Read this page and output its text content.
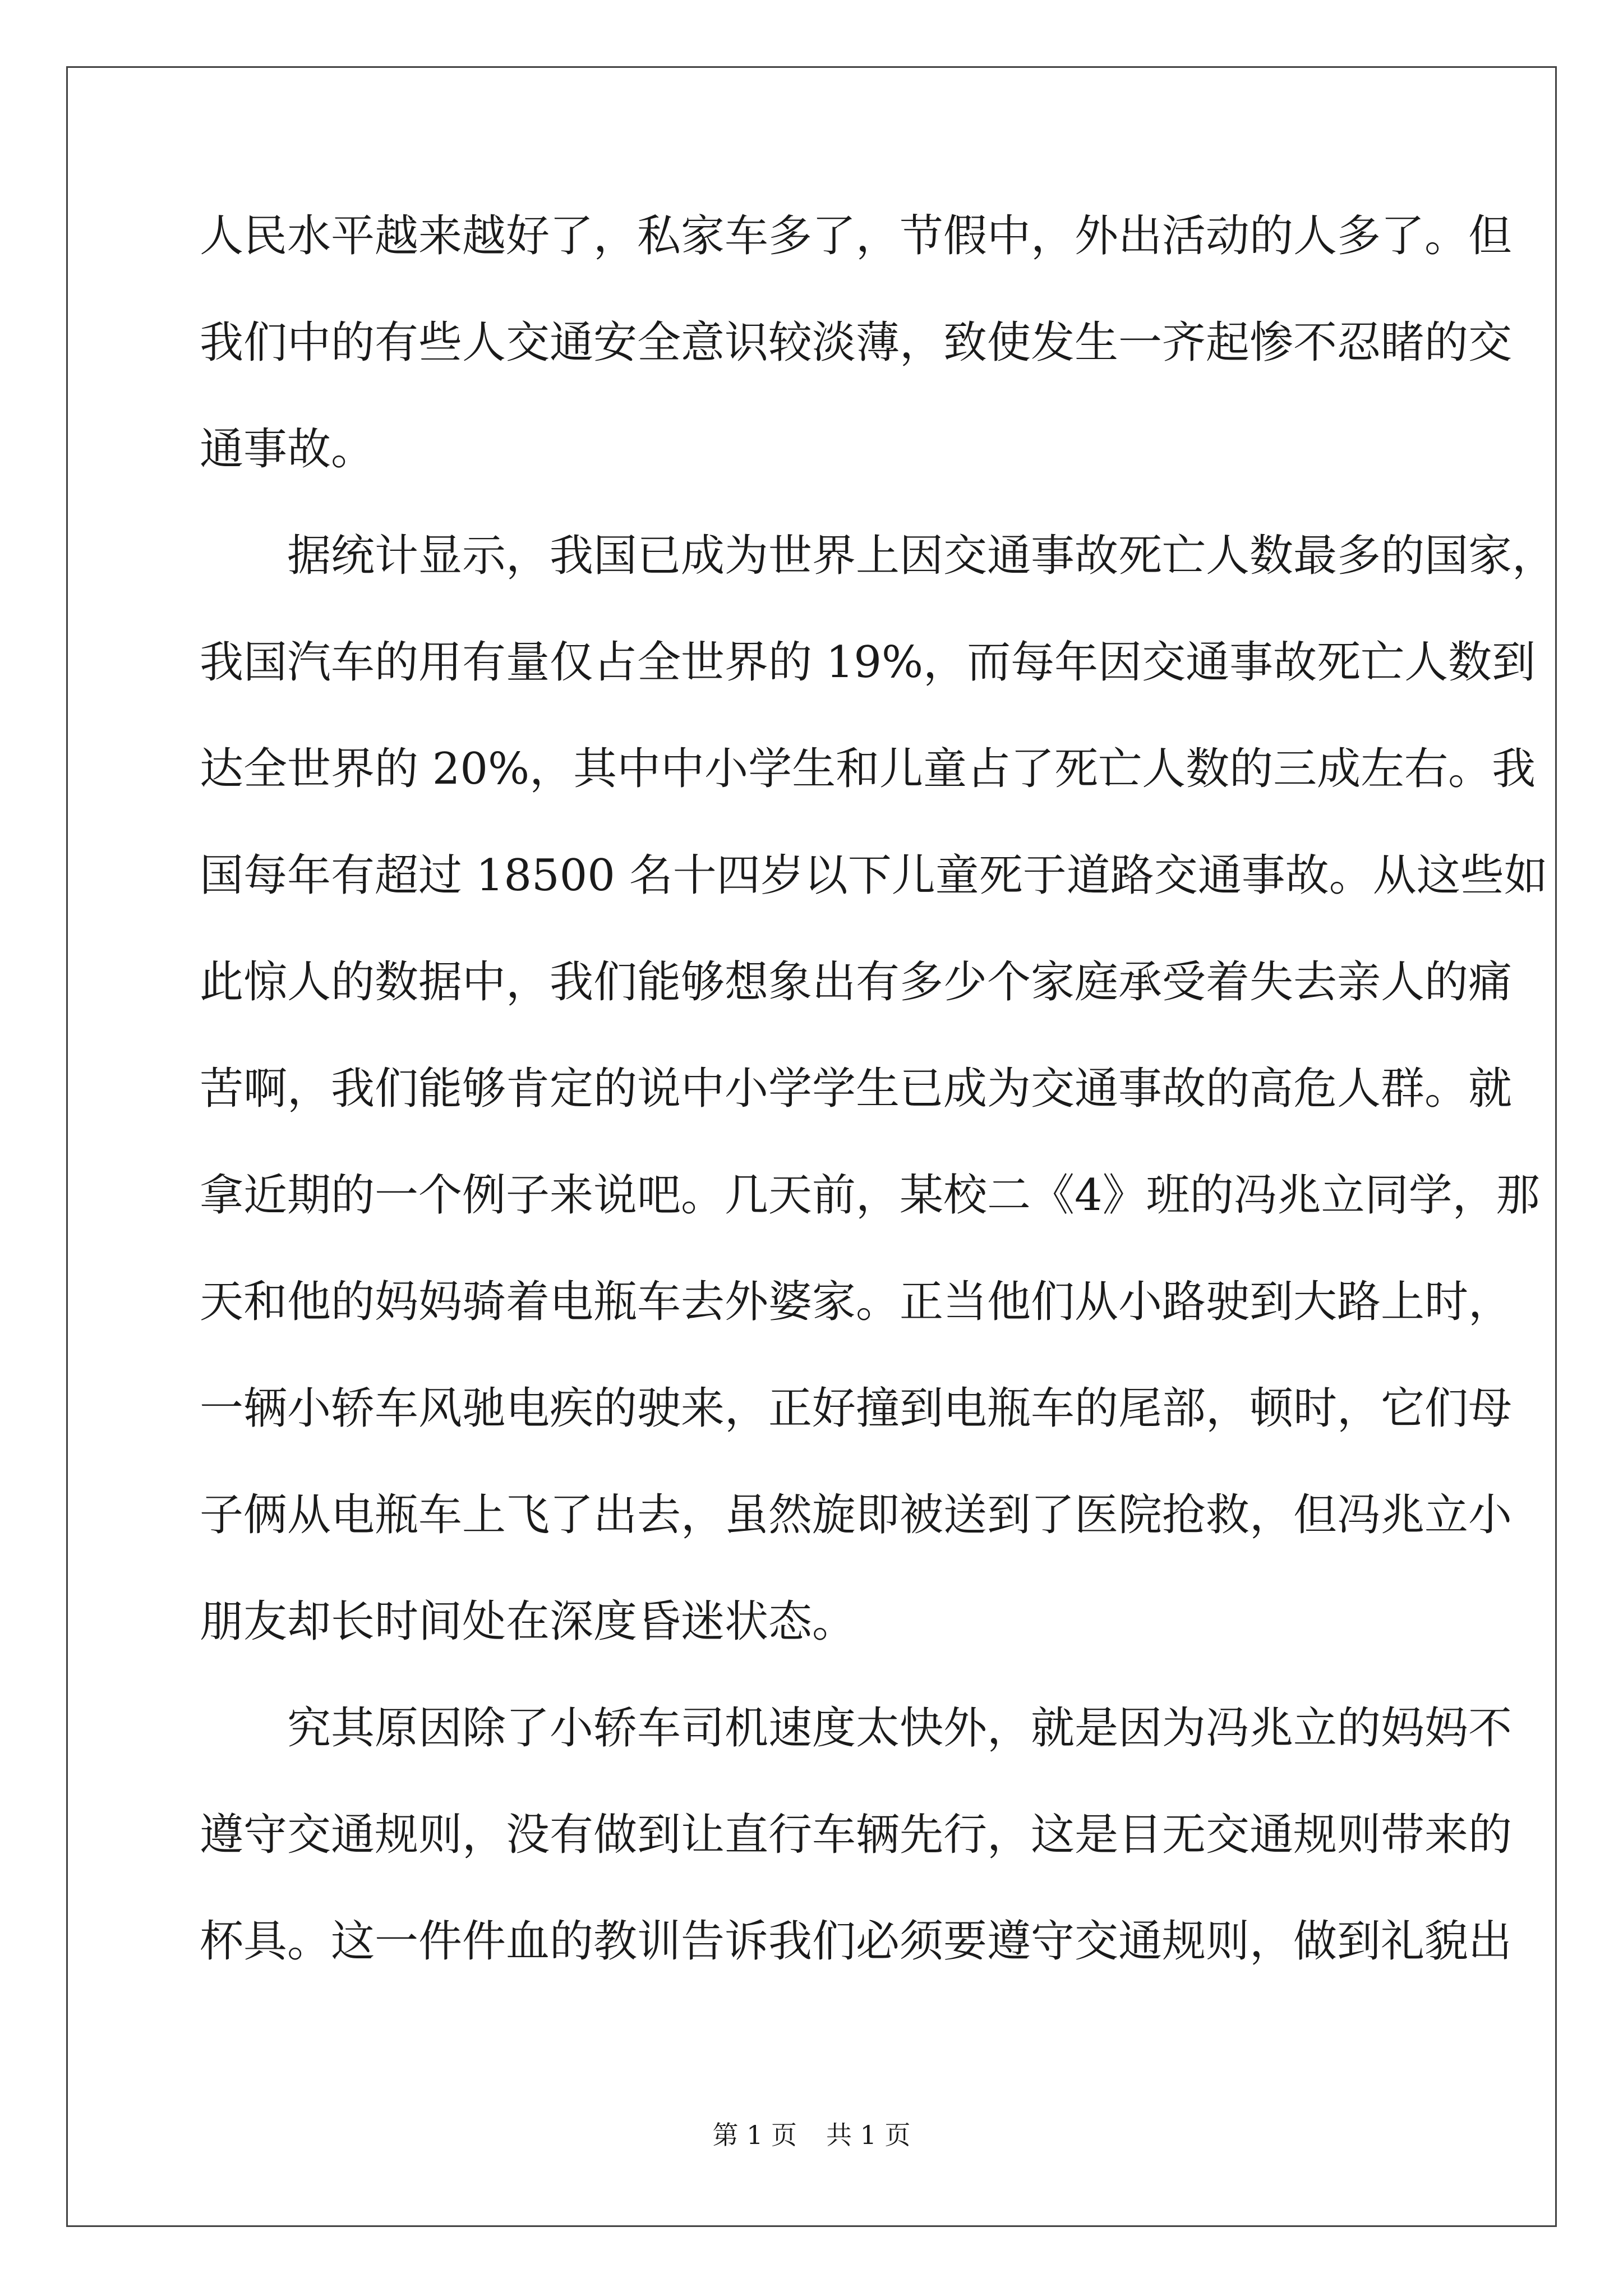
人民水平越来越好了，私家车多了，节假中，外出活动的人多了。但
我们中的有些人交通安全意识较淡薄，致使发生一齐起惨不忍睹的交
通事故。

据统计显示，我国已成为世界上因交通事故死亡人数最多的国家，
我国汽车的用有量仅占全世界的 19%，而每年因交通事故死亡人数到
达全世界的 20%，其中中小学生和儿童占了死亡人数的三成左右。我
国每年有超过 18500 名十四岁以下儿童死于道路交通事故。从这些如
此惊人的数据中，我们能够想象出有多少个家庭承受着失去亲人的痛
苦啊，我们能够肯定的说中小学学生已成为交通事故的高危人群。就
拿近期的一个例子来说吧。几天前，某校二《4》班的冯兆立同学，那
天和他的妈妈骑着电瓶车去外婆家。正当他们从小路驶到大路上时，
一辆小轿车风驰电疾的驶来，正好撞到电瓶车的尾部，顿时，它们母
子俩从电瓶车上飞了出去，虽然旋即被送到了医院抢救，但冯兆立小
朋友却长时间处在深度昏迷状态。

究其原因除了小轿车司机速度太快外，就是因为冯兆立的妈妈不
遵守交通规则，没有做到让直行车辆先行，这是目无交通规则带来的
杯具。这一件件血的教训告诉我们必须要遵守交通规则，做到礼貌出

第 1 页 共 1 页
